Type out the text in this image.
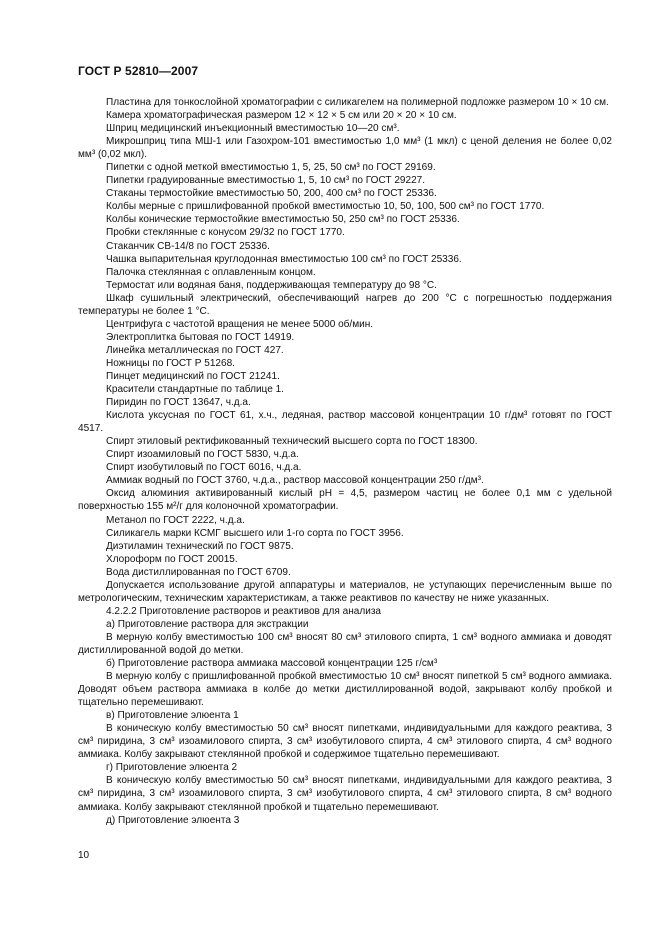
ГОСТ Р 52810—2007

Пластина для тонкослойной хроматографии с силикагелем на полимерной подложке размером 10 × 10 см.

Камера хроматографическая размером 12 × 12 × 5 см или 20 × 20 × 10 см.

Шприц медицинский инъекционный вместимостью 10—20 см³.

Микрошприц типа МШ-1 или Газохром-101 вместимостью 1,0 мм³ (1 мкл) с ценой деления не более 0,02 мм³ (0,02 мкл).

Пипетки с одной меткой вместимостью 1, 5, 25, 50 см³ по ГОСТ 29169.

Пипетки градуированные вместимостью 1, 5, 10 см³ по ГОСТ 29227.

Стаканы термостойкие вместимостью 50, 200, 400 см³ по ГОСТ 25336.

Колбы мерные с пришлифованной пробкой вместимостью 10, 50, 100, 500 см³ по ГОСТ 1770.

Колбы конические термостойкие вместимостью 50, 250 см³ по ГОСТ 25336.

Пробки стеклянные с конусом 29/32 по ГОСТ 1770.

Стаканчик СВ-14/8 по ГОСТ 25336.

Чашка выпарительная круглодонная вместимостью 100 см³ по ГОСТ 25336.

Палочка стеклянная с оплавленным концом.

Термостат или водяная баня, поддерживающая температуру до 98 °С.

Шкаф сушильный электрический, обеспечивающий нагрев до 200 °С с погрешностью поддержания температуры не более 1 °С.

Центрифуга с частотой вращения не менее 5000 об/мин.

Электроплитка бытовая по ГОСТ 14919.

Линейка металлическая по ГОСТ 427.

Ножницы по ГОСТ Р 51268.

Пинцет медицинский по ГОСТ 21241.

Красители стандартные по таблице 1.

Пиридин по ГОСТ 13647, ч.д.а.

Кислота уксусная по ГОСТ 61, х.ч., ледяная, раствор массовой концентрации 10 г/дм³ готовят по ГОСТ 4517.

Спирт этиловый ректификованный технический высшего сорта по ГОСТ 18300.

Спирт изоамиловый по ГОСТ 5830, ч.д.а.

Спирт изобутиловый по ГОСТ 6016, ч.д.а.

Аммиак водный по ГОСТ 3760, ч.д.а., раствор массовой концентрации 250 г/дм³.

Оксид алюминия активированный кислый рН = 4,5, размером частиц не более 0,1 мм с удельной поверхностью 155 м²/г для колоночной хроматографии.

Метанол по ГОСТ 2222, ч.д.а.

Силикагель марки КСМГ высшего или 1-го сорта по ГОСТ 3956.

Диэтиламин технический по ГОСТ 9875.

Хлороформ по ГОСТ 20015.

Вода дистиллированная по ГОСТ 6709.

Допускается использование другой аппаратуры и материалов, не уступающих перечисленным выше по метрологическим, техническим характеристикам, а также реактивов по качеству не ниже указанных.

4.2.2.2 Приготовление растворов и реактивов для анализа

а) Приготовление раствора для экстракции

В мерную колбу вместимостью 100 см³ вносят 80 см³ этилового спирта, 1 см³ водного аммиака и доводят дистиллированной водой до метки.

б) Приготовление раствора аммиака массовой концентрации 125 г/см³

В мерную колбу с пришлифованной пробкой вместимостью 10 см³ вносят пипеткой 5 см³ водного аммиака. Доводят объем раствора аммиака в колбе до метки дистиллированной водой, закрывают колбу пробкой и тщательно перемешивают.

в) Приготовление элюента 1

В коническую колбу вместимостью 50 см³ вносят пипетками, индивидуальными для каждого реактива, 3 см³ пиридина, 3 см³ изоамилового спирта, 3 см³ изобутилового спирта, 4 см³ этилового спирта, 4 см³ водного аммиака. Колбу закрывают стеклянной пробкой и содержимое тщательно перемешивают.

г) Приготовление элюента 2

В коническую колбу вместимостью 50 см³ вносят пипетками, индивидуальными для каждого реактива, 3 см³ пиридина, 3 см³ изоамилового спирта, 3 см³ изобутилового спирта, 4 см³ этилового спирта, 8 см³ водного аммиака. Колбу закрывают стеклянной пробкой и тщательно перемешивают.

д) Приготовление элюента 3

10
